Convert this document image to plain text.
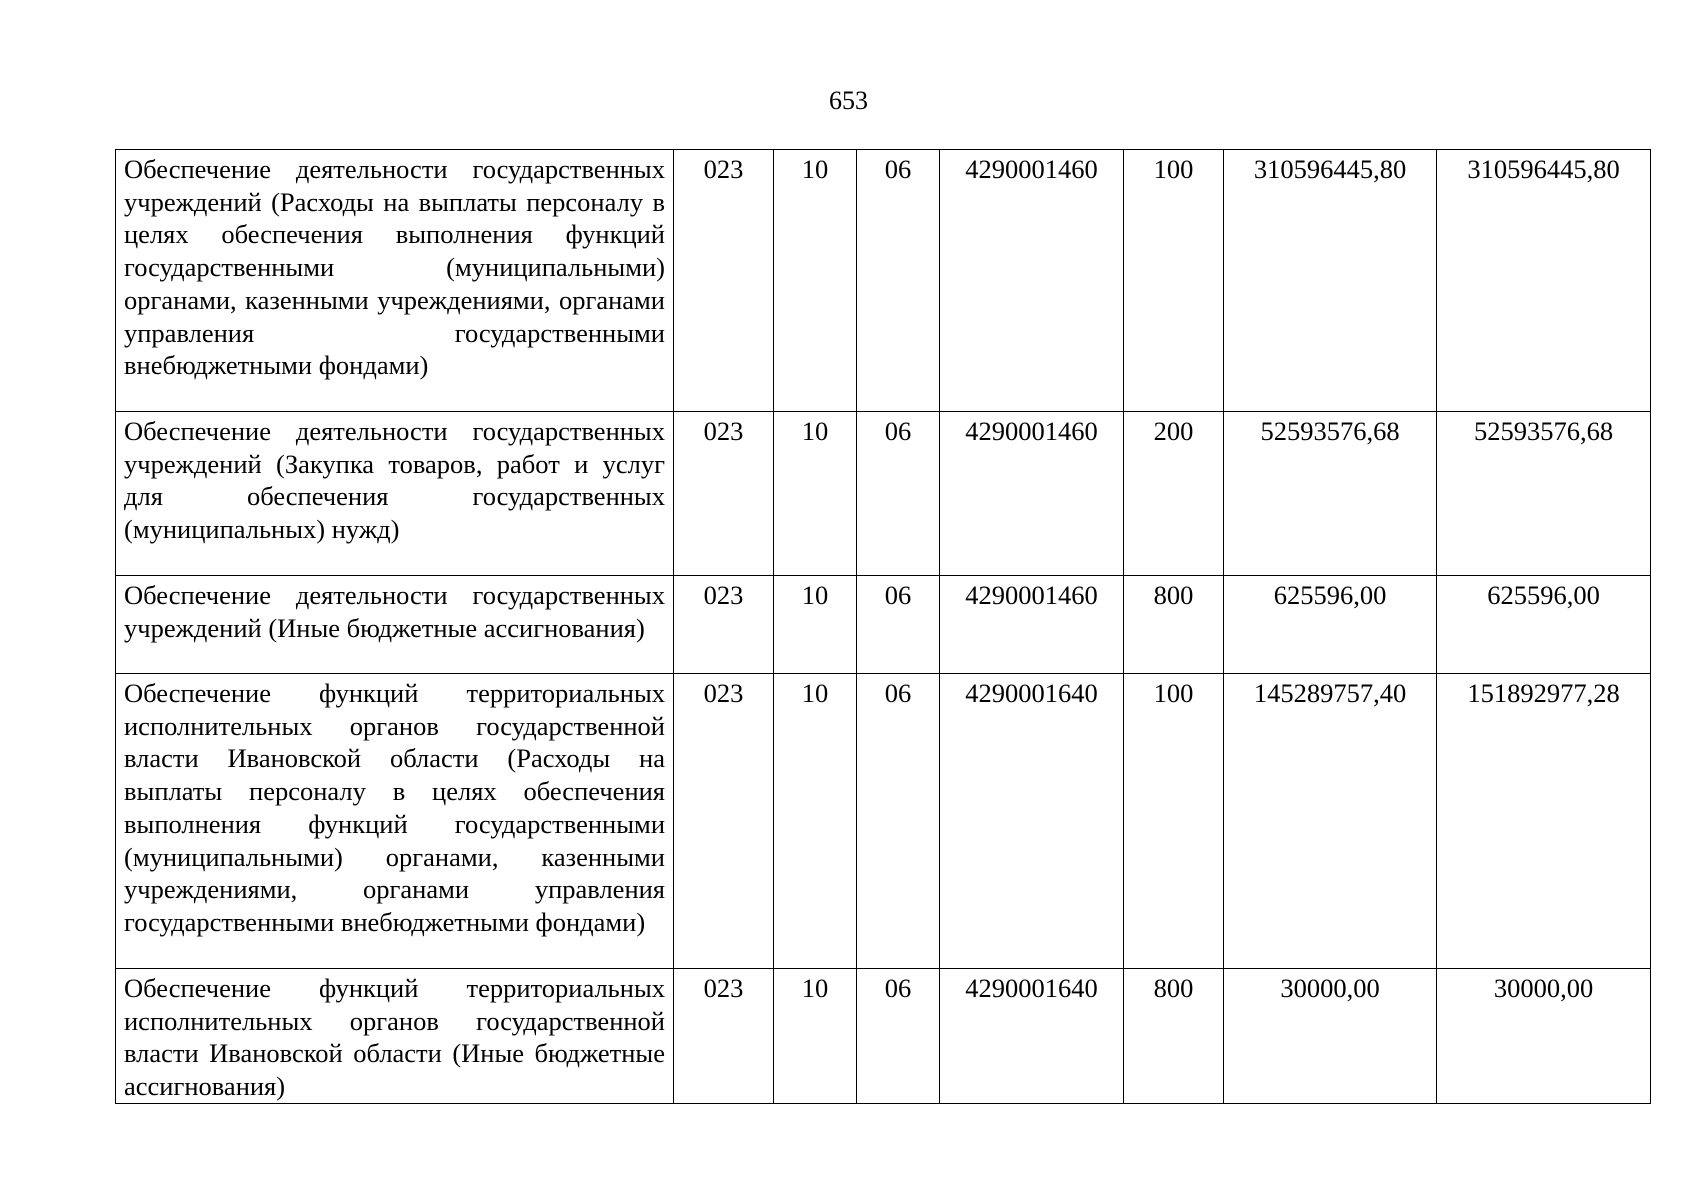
653
Обеспечение деятельности государственных учреждений (Расходы на выплаты персоналу в целях обеспечения выполнения функций государственными (муниципальными) органами, казенными учреждениями, органами управления государственными внебюджетными фондами)	023	10	06	4290001460	100	310596445,80	310596445,80
Обеспечение деятельности государственных учреждений (Закупка товаров, работ и услуг для обеспечения государственных (муниципальных) нужд)	023	10	06	4290001460	200	52593576,68	52593576,68
Обеспечение деятельности государственных учреждений (Иные бюджетные ассигнования)	023	10	06	4290001460	800	625596,00	625596,00
Обеспечение функций территориальных исполнительных органов государственной власти Ивановской области (Расходы на выплаты персоналу в целях обеспечения выполнения функций государственными (муниципальными) органами, казенными учреждениями, органами управления государственными внебюджетными фондами)	023	10	06	4290001640	100	145289757,40	151892977,28
Обеспечение функций территориальных исполнительных органов государственной власти Ивановской области (Иные бюджетные ассигнования)	023	10	06	4290001640	800	30000,00	30000,00
